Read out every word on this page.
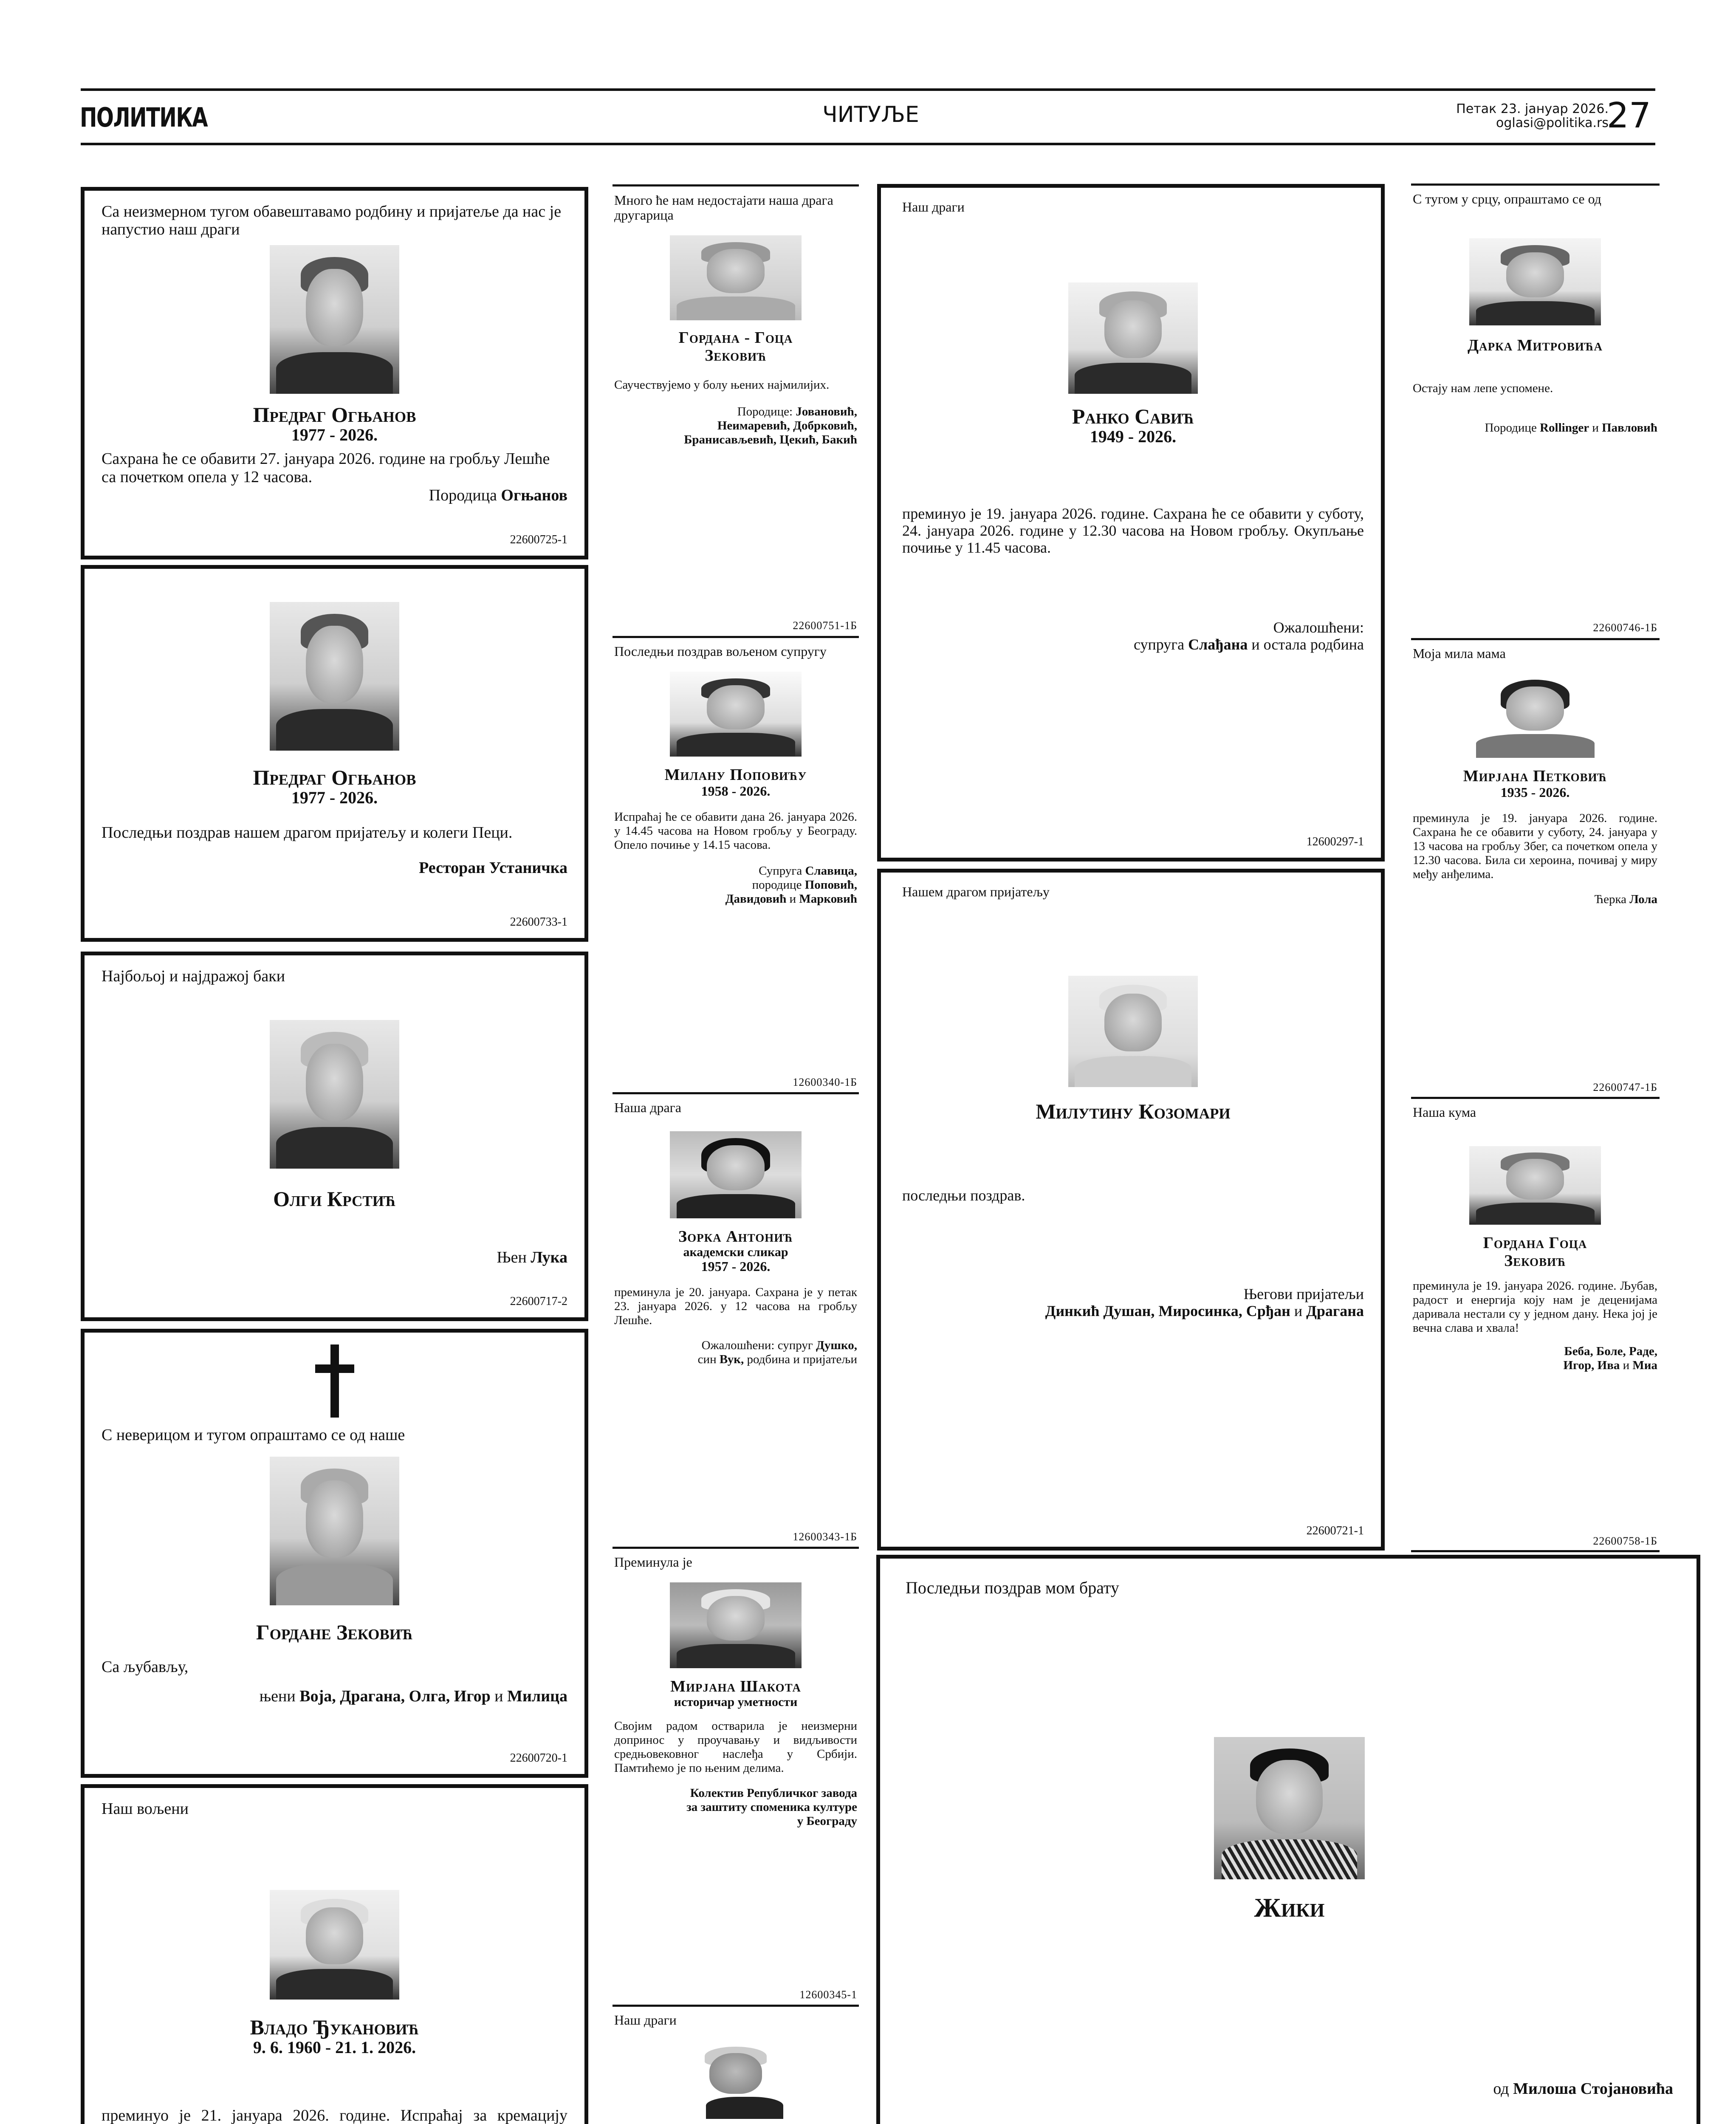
ПОЛИТИКА	ЧИТУЉЕ	Петак 23. јануар 2026.
oglasi@politika.rs
27
Са неизмерном тугом обавештавамо родбину и пријатеље да нас је напустио наш драги
Предраг Огњанов
1977 - 2026.
Сахрана ће се обавити 27. јануара 2026. године на гробљу Лешће са почетком опела у 12 часова.
Породица Огњанов
22600725-1
Предраг Огњанов
1977 - 2026.
Последњи поздрав нашем драгом пријатељу и колеги Пеци.
Ресторан Устаничка
22600733-1
Најбољој и најдражој баки
Олги Крстић
Њен Лука
22600717-2
С неверицом и тугом опраштамо се од наше
Гордане Зековић
Са љубављу,
њени Воја, Драгана, Олга, Игор и Милица
22600720-1
Наш вољени
Владо Ђукановић
9. 6. 1960 - 21. 1. 2026.
преминуо је 21. јануара 2026. године. Испраћај за кремацију
Много ће нам недостајати наша драга другарица
Гордана - Гоца
Зековић
Саучествујемо у болу њених најмилијих.
Породице: Јовановић,
Неимаревић, Добрковић,
Бранисављевић, Цекић, Бакић
22600751-1Б
Последњи поздрав вољеном супругу
Милану Поповићу
1958 - 2026.
Испраћај ће се обавити дана 26. јануара 2026. у 14.45 часова на Новом гробљу у Београду. Опело почиње у 14.15 часова.
Супруга Славица,
породице Поповић,
Давидовић и Марковић
12600340-1Б
Наша драга
Зорка Антонић
академски сликар
1957 - 2026.
преминула је 20. јануара. Сахрана је у петак 23. јануара 2026. у 12 часова на гробљу Лешће.
Ожалошћени: супруг Душко,
син Вук, родбина и пријатељи
12600343-1Б
Преминула је
Мирјана Шакота
историчар уметности
Својим радом остварила је неизмерни допринос у проучавању и видљивости средњовековног наслеђа у Србији. Памтићемо је по њеним делима.
Колектив Републичког завода
за заштиту споменика културе
у Београду
12600345-1
Наш драги
Наш драги
Ранко Савић
1949 - 2026.
преминуо је 19. јануара 2026. године. Сахрана ће се обавити у суботу, 24. јануара 2026. године у 12.30 часова на Новом гробљу. Окупљање почиње у 11.45 часова.
Ожалошћени:
супруга Слађана и остала родбина
12600297-1
Нашем драгом пријатељу
Милутину Козомари
последњи поздрав.
Његови пријатељи
Динкић Душан, Миросинка, Срђан и Драгана
22600721-1
Последњи поздрав мом брату
Жики
од Милоша Стојановића
С тугом у срцу, опраштамо се од
Дарка Митровића
Остају нам лепе успомене.
Породице Rollinger и Павловић
22600746-1Б
Моја мила мама
Мирјана Петковић
1935 - 2026.
преминула је 19. јануара 2026. године. Сахрана ће се обавити у суботу, 24. јануара у 13 часова на гробљу Збег, са почетком опела у 12.30 часова. Била си хероина, почивај у миру међу анђелима.
Ћерка Лола
22600747-1Б
Наша кума
Гордана Гоца
Зековић
преминула је 19. јануара 2026. године. Љубав, радост и енергија коју нам је деценијама даривала нестали су у једном дану. Нека јој је вечна слава и хвала!
Беба, Боле, Раде,
Игор, Ива и Миа
22600758-1Б
